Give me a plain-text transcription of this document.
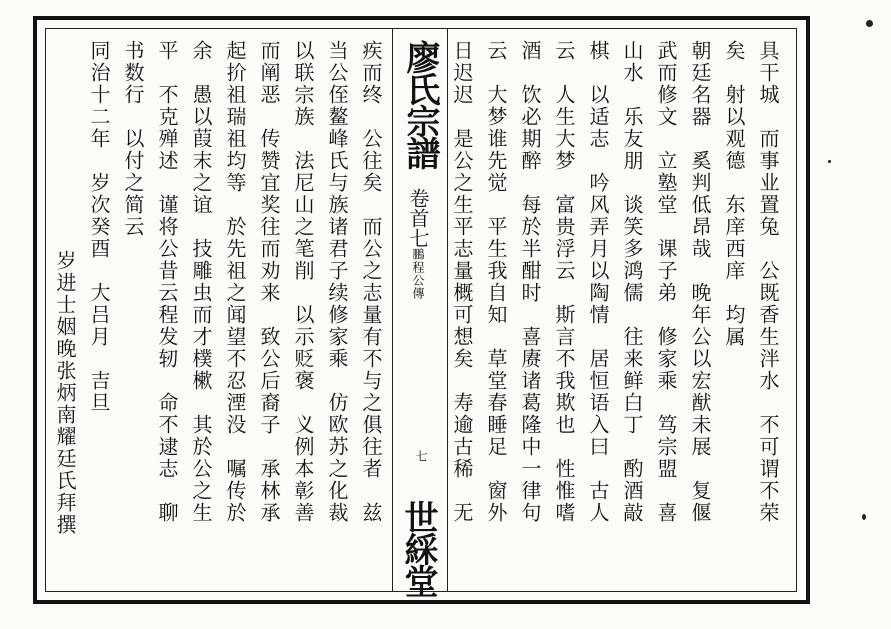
具干城　而事业置兔　公既香生泮水　不可谓不荣
矣　射以观德　东庠西庠　均属
朝廷名器　奚判低昂哉　晚年公以宏猷未展　复偃
武而修文　立塾堂　课子弟　修家乘　笃宗盟　喜
山水　乐友朋　谈笑多鸿儒　往来鲜白丁　酌酒敲
棋　以适志　吟风弄月以陶情　居恒语入曰　古人
云　人生大梦　富贵浮云　斯言不我欺也　性惟嗜
酒　饮必期醉　每於半酣时　喜赓诸葛隆中一律句
云　大梦谁先觉　平生我自知　草堂春睡足　窗外
日迟迟　是公之生平志量概可想矣　寿逾古稀　无
廖氏宗譜
卷首七
鵬程公傳
七
世綵堂
疾而终　公往矣　而公之志量有不与之俱往者　兹
当公侄鳌峰氏与族诸君子续修家乘　仿欧苏之化裁
以联宗族　法尼山之笔削　以示贬褒　义例本彰善
而阐恶　传赞宜奖往而劝来　致公后裔子　承林承
起扴祖瑞祖均等　於先祖之闻望不忍湮没　嘱传於
余　愚以葭末之谊　技雕虫而才樸樕　其於公之生
平　不克殚述　谨将公昔云程发轫　命不逮志　聊
书数行　以付之简云
同治十二年　岁次癸酉　大吕月　吉旦
岁进士姻晚张炳南耀廷氏拜撰
